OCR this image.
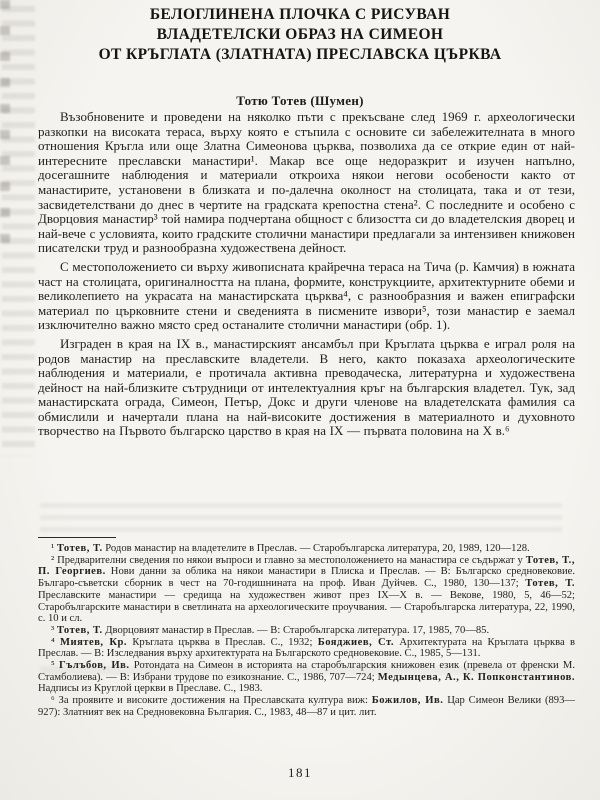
БЕЛОГЛИНЕНА ПЛОЧКА С РИСУВАН
ВЛАДЕТЕЛСКИ ОБРАЗ НА СИМЕОН
ОТ КРЪГЛАТА (ЗЛАТНАТА) ПРЕСЛАВСКА ЦЪРКВА
Тотю Тотев (Шумен)

Възобновените и проведени на няколко пъти с прекъсване след 1969 г. археологически разкопки на високата тераса, върху която е стъпила с основите си забележителната в много отношения Кръгла или още Златна Симеонова църква, позволиха да се открие един от най-интересните преславски манастири¹. Макар все още недоразкрит и изучен напълно, досегашните наблюдения и материали откроиха някои негови особености както от манастирите, установени в близката и по-далечна околност на столицата, така и от тези, засвидетелствани до днес в чертите на градската крепостна стена². С последните и особено с Дворцовия манастир³ той намира подчертана общност с близостта си до владетелския дворец и най-вече с условията, които градските столични манастири предлагали за интензивен книжовен писателски труд и разнообразна художествена дейност.

С местоположението си върху живописната крайречна тераса на Тича (р. Камчия) в южната част на столицата, оригиналността на плана, формите, конструкциите, архитектурните обеми и великолепието на украсата на манастирската църква⁴, с разнообразния и важен епиграфски материал по църковните стени и сведенията в писмените извори⁵, този манастир е заемал изключително важно място сред останалите столични манастири (обр. 1).

Изграден в края на IX в., манастирският ансамбъл при Кръглата църква е играл роля на родов манастир на преславските владетели. В него, както показаха археологическите наблюдения и материали, е протичала активна преводаческа, литературна и художествена дейност на най-близките сътрудници от интелектуалния кръг на българския владетел. Тук, зад манастирската ограда, Симеон, Петър, Докс и други членове на владетелската фамилия са обмислили и начертали плана на най-високите достижения в материалното и духовното творчество на Първото българско царство в края на IX — първата половина на X в.⁶

¹ Тотев, Т. Родов манастир на владетелите в Преслав. — Старобългарска литература, 20, 1989, 120—128.

² Предварителни сведения по някои въпроси и главно за местоположението на манастира се съдържат у Тотев, Т., П. Георгиев. Нови данни за облика на някои манастири в Плиска и Преслав. — В: Българско средновековие. Българо-съветски сборник в чест на 70-годишнината на проф. Иван Дуйчев. С., 1980, 130—137; Тотев, Т. Преславските манастири — средища на художествен живот през IX—X в. — Векове, 1980, 5, 46—52; Старобългарските манастири в светлината на археологическите проучвания. — Старобългарска литература, 22, 1990, с. 10 и сл.

³ Тотев, Т. Дворцовият манастир в Преслав. — В: Старобългарска литература. 17, 1985, 70—85.

⁴ Миятев, Кр. Кръглата църква в Преслав. С., 1932; Бояджиев, Ст. Архитектурата на Кръглата църква в Преслав. — В: Изследвания върху архитектурата на Българското средновековие. С., 1985, 5—131.

⁵ Гълъбов, Ив. Ротондата на Симеон в историята на старобългарския книжовен език (превела от френски М. Стамболиева). — В: Избрани трудове по езикознание. С., 1986, 707—724; Медынцева, А., К. Попконстантинов. Надписы из Круглой церкви в Преславе. С., 1983.

⁶ За проявите и високите достижения на Преславската култура виж: Божилов, Ив. Цар Симеон Велики (893—927): Златният век на Средновековна България. С., 1983, 48—87 и цит. лит.

181
